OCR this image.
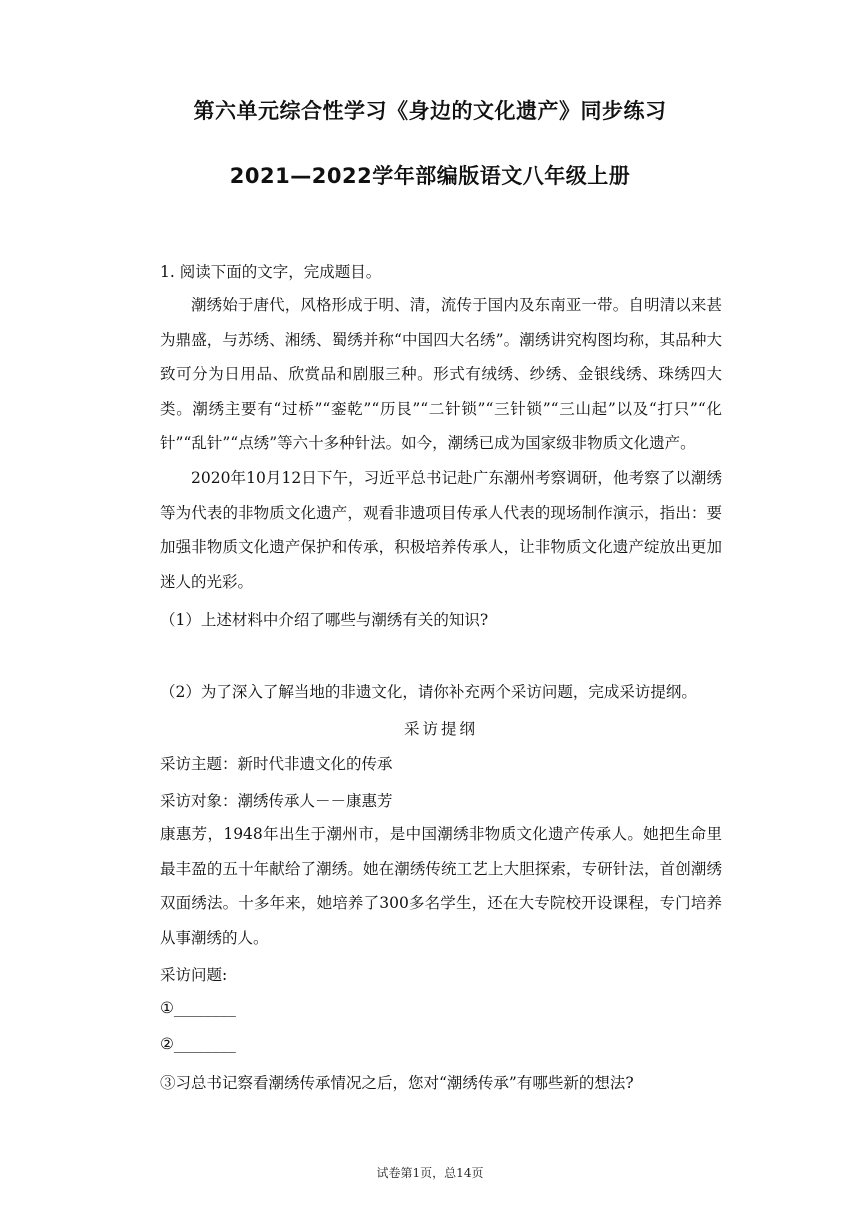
第六单元综合性学习《身边的文化遗产》同步练习
2021—2022学年部编版语文八年级上册

1. 阅读下面的文字，完成题目。

潮绣始于唐代，风格形成于明、清，流传于国内及东南亚一带。自明清以来甚为鼎盛，与苏绣、湘绣、蜀绣并称“中国四大名绣”。潮绣讲究构图均称，其品种大致可分为日用品、欣赏品和剧服三种。形式有绒绣、纱绣、金银线绣、珠绣四大类。潮绣主要有“过桥”“銮乾”“历艮”“二针锁”“三针锁”“三山起”以及“打只”“化针”“乱针”“点绣”等六十多种针法。如今，潮绣已成为国家级非物质文化遗产。

2020年10月12日下午，习近平总书记赴广东潮州考察调研，他考察了以潮绣等为代表的非物质文化遗产，观看非遗项目传承人代表的现场制作演示，指出：要加强非物质文化遗产保护和传承，积极培养传承人，让非物质文化遗产绽放出更加迷人的光彩。

（1）上述材料中介绍了哪些与潮绣有关的知识?

（2）为了深入了解当地的非遗文化，请你补充两个采访问题，完成采访提纲。

采访提纲

采访主题：新时代非遗文化的传承

采访对象：潮绣传承人－－康惠芳

康惠芳，1948年出生于潮州市，是中国潮绣非物质文化遗产传承人。她把生命里最丰盈的五十年献给了潮绣。她在潮绣传统工艺上大胆探索，专研针法，首创潮绣双面绣法。十多年来，她培养了300多名学生，还在大专院校开设课程，专门培养从事潮绣的人。

采访问题:

①________

②________

③习总书记察看潮绣传承情况之后，您对“潮绣传承”有哪些新的想法?

试卷第1页，总14页
